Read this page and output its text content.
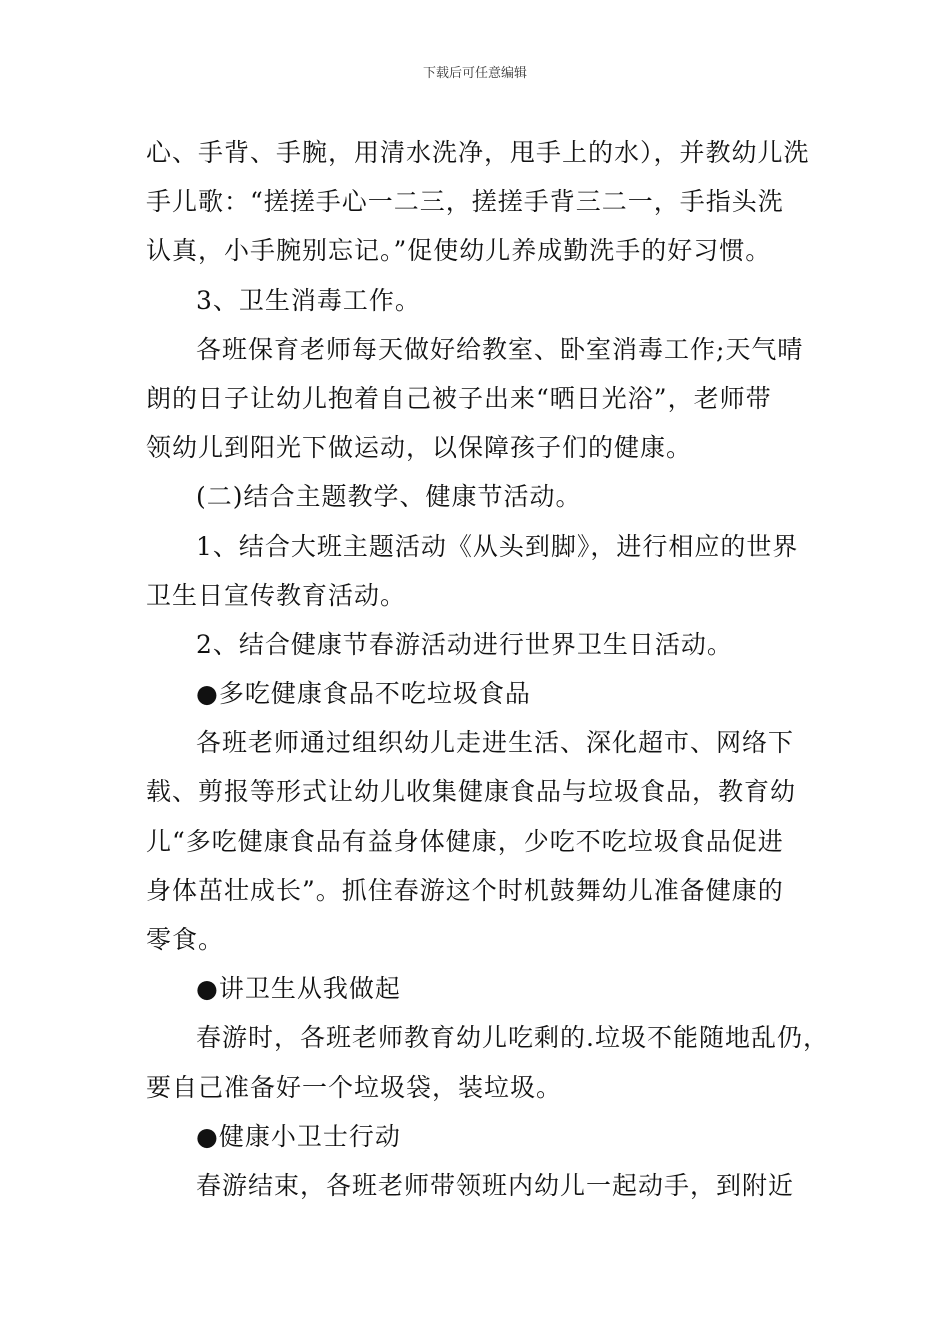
下载后可任意编辑
心、手背、手腕，用清水洗净，甩手上的水），并教幼儿洗
手儿歌：“搓搓手心一二三，搓搓手背三二一，手指头洗
认真，小手腕别忘记。”促使幼儿养成勤洗手的好习惯。
3、卫生消毒工作。
各班保育老师每天做好给教室、卧室消毒工作;天气晴
朗的日子让幼儿抱着自己被子出来“晒日光浴”，老师带
领幼儿到阳光下做运动，以保障孩子们的健康。
(二)结合主题教学、健康节活动。
1、结合大班主题活动《从头到脚》，进行相应的世界
卫生日宣传教育活动。
2、结合健康节春游活动进行世界卫生日活动。
●多吃健康食品不吃垃圾食品
各班老师通过组织幼儿走进生活、深化超市、网络下
载、剪报等形式让幼儿收集健康食品与垃圾食品，教育幼
儿“多吃健康食品有益身体健康，少吃不吃垃圾食品促进
身体茁壮成长”。抓住春游这个时机鼓舞幼儿准备健康的
零食。
●讲卫生从我做起
春游时，各班老师教育幼儿吃剩的.垃圾不能随地乱仍，
要自己准备好一个垃圾袋，装垃圾。
●健康小卫士行动
春游结束，各班老师带领班内幼儿一起动手，到附近
